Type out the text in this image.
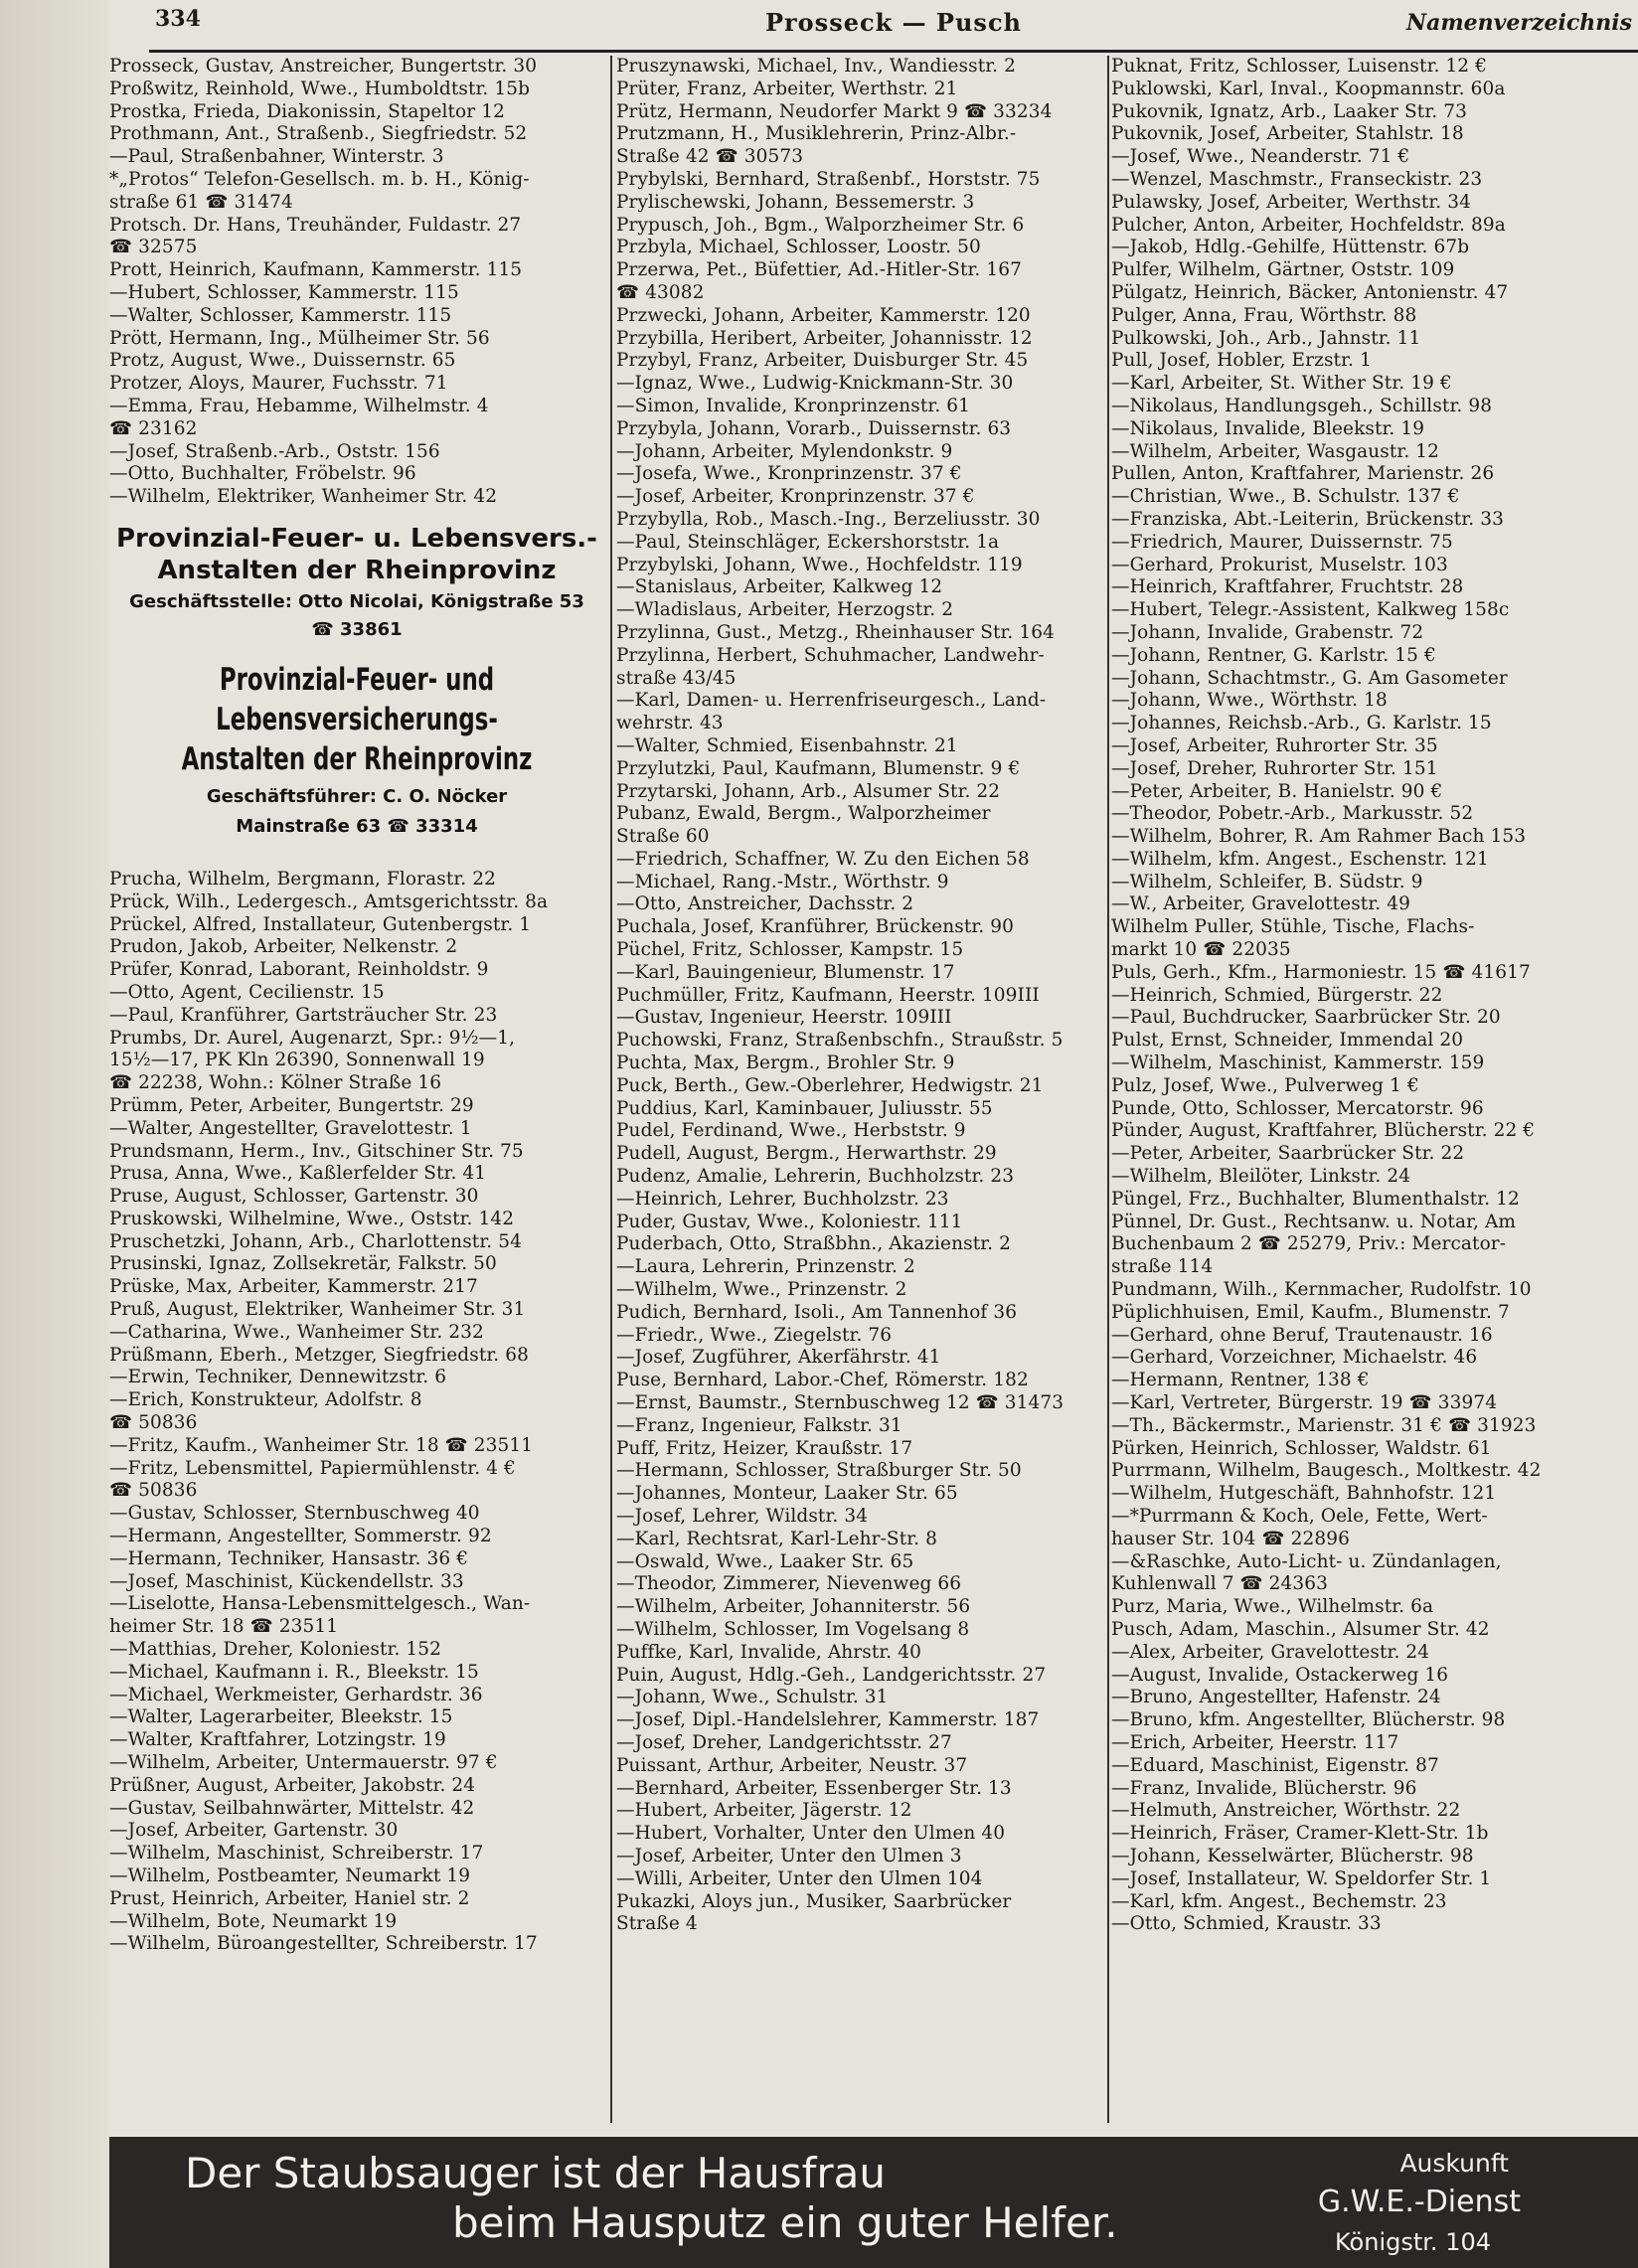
334	Prosseck — Pusch	Namenverzeichnis
Prosseck, Gustav, Anstreicher, Bungertstr. 30
Proßwitz, Reinhold, Wwe., Humboldtstr. 15b
Prostka, Frieda, Diakonissin, Stapeltor 12
Prothmann, Ant., Straßenb., Siegfriedstr. 52
—Paul, Straßenbahner, Winterstr. 3
*„Protos“ Telefon-Gesellsch. m. b. H., König-
straße 61 ☎ 31474
Protsch. Dr. Hans, Treuhänder, Fuldastr. 27
☎ 32575
Prott, Heinrich, Kaufmann, Kammerstr. 115
—Hubert, Schlosser, Kammerstr. 115
—Walter, Schlosser, Kammerstr. 115
Prött, Hermann, Ing., Mülheimer Str. 56
Protz, August, Wwe., Duissernstr. 65
Protzer, Aloys, Maurer, Fuchsstr. 71
—Emma, Frau, Hebamme, Wilhelmstr. 4
☎ 23162
—Josef, Straßenb.-Arb., Oststr. 156
—Otto, Buchhalter, Fröbelstr. 96
—Wilhelm, Elektriker, Wanheimer Str. 42
Provinzial-Feuer- u. Lebensvers.-
Anstalten der Rheinprovinz
Geschäftsstelle: Otto Nicolai, Königstraße 53
☎ 33861
Provinzial-Feuer- und Lebensversicherungs-
Anstalten der Rheinprovinz
Geschäftsführer: C. O. Nöcker
Mainstraße 63 ☎ 33314
Prucha, Wilhelm, Bergmann, Florastr. 22
Prück, Wilh., Ledergesch., Amtsgerichtsstr. 8a
Prückel, Alfred, Installateur, Gutenbergstr. 1
Prudon, Jakob, Arbeiter, Nelkenstr. 2
Prüfer, Konrad, Laborant, Reinholdstr. 9
—Otto, Agent, Cecilienstr. 15
—Paul, Kranführer, Gartsträucher Str. 23
Prumbs, Dr. Aurel, Augenarzt, Spr.: 9½—1,
15½—17, PK Kln 26390, Sonnenwall 19
☎ 22238, Wohn.: Kölner Straße 16
Prümm, Peter, Arbeiter, Bungertstr. 29
—Walter, Angestellter, Gravelottestr. 1
Prundsmann, Herm., Inv., Gitschiner Str. 75
Prusa, Anna, Wwe., Kaßlerfelder Str. 41
Pruse, August, Schlosser, Gartenstr. 30
Pruskowski, Wilhelmine, Wwe., Oststr. 142
Pruschetzki, Johann, Arb., Charlottenstr. 54
Prusinski, Ignaz, Zollsekretär, Falkstr. 50
Prüske, Max, Arbeiter, Kammerstr. 217
Pruß, August, Elektriker, Wanheimer Str. 31
—Catharina, Wwe., Wanheimer Str. 232
Prüßmann, Eberh., Metzger, Siegfriedstr. 68
—Erwin, Techniker, Dennewitzstr. 6
—Erich, Konstrukteur, Adolfstr. 8
☎ 50836
—Fritz, Kaufm., Wanheimer Str. 18 ☎ 23511
—Fritz, Lebensmittel, Papiermühlenstr. 4 €
☎ 50836
—Gustav, Schlosser, Sternbuschweg 40
—Hermann, Angestellter, Sommerstr. 92
—Hermann, Techniker, Hansastr. 36 €
—Josef, Maschinist, Kückendellstr. 33
—Liselotte, Hansa-Lebensmittelgesch., Wan-
heimer Str. 18 ☎ 23511
—Matthias, Dreher, Koloniestr. 152
—Michael, Kaufmann i. R., Bleekstr. 15
—Michael, Werkmeister, Gerhardstr. 36
—Walter, Lagerarbeiter, Bleekstr. 15
—Walter, Kraftfahrer, Lotzingstr. 19
—Wilhelm, Arbeiter, Untermauerstr. 97 €
Prüßner, August, Arbeiter, Jakobstr. 24
—Gustav, Seilbahnwärter, Mittelstr. 42
—Josef, Arbeiter, Gartenstr. 30
—Wilhelm, Maschinist, Schreiberstr. 17
—Wilhelm, Postbeamter, Neumarkt 19
Prust, Heinrich, Arbeiter, Haniel str. 2
—Wilhelm, Bote, Neumarkt 19
—Wilhelm, Büroangestellter, Schreiberstr. 17
Pruszynawski, Michael, Inv., Wandiesstr. 2
Prüter, Franz, Arbeiter, Werthstr. 21
Prütz, Hermann, Neudorfer Markt 9 ☎ 33234
Prutzmann, H., Musiklehrerin, Prinz-Albr.-
Straße 42 ☎ 30573
Prybylski, Bernhard, Straßenbf., Horststr. 75
Prylischewski, Johann, Bessemerstr. 3
Prypusch, Joh., Bgm., Walporzheimer Str. 6
Przbyla, Michael, Schlosser, Loostr. 50
Przerwa, Pet., Büfettier, Ad.-Hitler-Str. 167
☎ 43082
Przwecki, Johann, Arbeiter, Kammerstr. 120
Przybilla, Heribert, Arbeiter, Johannisstr. 12
Przybyl, Franz, Arbeiter, Duisburger Str. 45
—Ignaz, Wwe., Ludwig-Knickmann-Str. 30
—Simon, Invalide, Kronprinzenstr. 61
Przybyla, Johann, Vorarb., Duissernstr. 63
—Johann, Arbeiter, Mylendonkstr. 9
—Josefa, Wwe., Kronprinzenstr. 37 €
—Josef, Arbeiter, Kronprinzenstr. 37 €
Przybylla, Rob., Masch.-Ing., Berzeliusstr. 30
—Paul, Steinschläger, Eckershorststr. 1a
Przybylski, Johann, Wwe., Hochfeldstr. 119
—Stanislaus, Arbeiter, Kalkweg 12
—Wladislaus, Arbeiter, Herzogstr. 2
Przylinna, Gust., Metzg., Rheinhauser Str. 164
Przylinna, Herbert, Schuhmacher, Landwehr-
straße 43/45
—Karl, Damen- u. Herrenfriseurgesch., Land-
wehrstr. 43
—Walter, Schmied, Eisenbahnstr. 21
Przylutzki, Paul, Kaufmann, Blumenstr. 9 €
Przytarski, Johann, Arb., Alsumer Str. 22
Pubanz, Ewald, Bergm., Walporzheimer
Straße 60
—Friedrich, Schaffner, W. Zu den Eichen 58
—Michael, Rang.-Mstr., Wörthstr. 9
—Otto, Anstreicher, Dachsstr. 2
Puchala, Josef, Kranführer, Brückenstr. 90
Püchel, Fritz, Schlosser, Kampstr. 15
—Karl, Bauingenieur, Blumenstr. 17
Puchmüller, Fritz, Kaufmann, Heerstr. 109III
—Gustav, Ingenieur, Heerstr. 109III
Puchowski, Franz, Straßenbschfn., Straußstr. 5
Puchta, Max, Bergm., Brohler Str. 9
Puck, Berth., Gew.-Oberlehrer, Hedwigstr. 21
Puddius, Karl, Kaminbauer, Juliusstr. 55
Pudel, Ferdinand, Wwe., Herbststr. 9
Pudell, August, Bergm., Herwarthstr. 29
Pudenz, Amalie, Lehrerin, Buchholzstr. 23
—Heinrich, Lehrer, Buchholzstr. 23
Puder, Gustav, Wwe., Koloniestr. 111
Puderbach, Otto, Straßbhn., Akazienstr. 2
—Laura, Lehrerin, Prinzenstr. 2
—Wilhelm, Wwe., Prinzenstr. 2
Pudich, Bernhard, Isoli., Am Tannenhof 36
—Friedr., Wwe., Ziegelstr. 76
—Josef, Zugführer, Akerfährstr. 41
Puse, Bernhard, Labor.-Chef, Römerstr. 182
—Ernst, Baumstr., Sternbuschweg 12 ☎ 31473
—Franz, Ingenieur, Falkstr. 31
Puff, Fritz, Heizer, Kraußstr. 17
—Hermann, Schlosser, Straßburger Str. 50
—Johannes, Monteur, Laaker Str. 65
—Josef, Lehrer, Wildstr. 34
—Karl, Rechtsrat, Karl-Lehr-Str. 8
—Oswald, Wwe., Laaker Str. 65
—Theodor, Zimmerer, Nievenweg 66
—Wilhelm, Arbeiter, Johanniterstr. 56
—Wilhelm, Schlosser, Im Vogelsang 8
Puffke, Karl, Invalide, Ahrstr. 40
Puin, August, Hdlg.-Geh., Landgerichtsstr. 27
—Johann, Wwe., Schulstr. 31
—Josef, Dipl.-Handelslehrer, Kammerstr. 187
—Josef, Dreher, Landgerichtsstr. 27
Puissant, Arthur, Arbeiter, Neustr. 37
—Bernhard, Arbeiter, Essenberger Str. 13
—Hubert, Arbeiter, Jägerstr. 12
—Hubert, Vorhalter, Unter den Ulmen 40
—Josef, Arbeiter, Unter den Ulmen 3
—Willi, Arbeiter, Unter den Ulmen 104
Pukazki, Aloys jun., Musiker, Saarbrücker
Straße 4
Puknat, Fritz, Schlosser, Luisenstr. 12 €
Puklowski, Karl, Inval., Koopmannstr. 60a
Pukovnik, Ignatz, Arb., Laaker Str. 73
Pukovnik, Josef, Arbeiter, Stahlstr. 18
—Josef, Wwe., Neanderstr. 71 €
—Wenzel, Maschmstr., Franseckistr. 23
Pulawsky, Josef, Arbeiter, Werthstr. 34
Pulcher, Anton, Arbeiter, Hochfeldstr. 89a
—Jakob, Hdlg.-Gehilfe, Hüttenstr. 67b
Pulfer, Wilhelm, Gärtner, Oststr. 109
Pülgatz, Heinrich, Bäcker, Antonienstr. 47
Pulger, Anna, Frau, Wörthstr. 88
Pulkowski, Joh., Arb., Jahnstr. 11
Pull, Josef, Hobler, Erzstr. 1
—Karl, Arbeiter, St. Wither Str. 19 €
—Nikolaus, Handlungsgeh., Schillstr. 98
—Nikolaus, Invalide, Bleekstr. 19
—Wilhelm, Arbeiter, Wasgaustr. 12
Pullen, Anton, Kraftfahrer, Marienstr. 26
—Christian, Wwe., B. Schulstr. 137 €
—Franziska, Abt.-Leiterin, Brückenstr. 33
—Friedrich, Maurer, Duissernstr. 75
—Gerhard, Prokurist, Muselstr. 103
—Heinrich, Kraftfahrer, Fruchtstr. 28
—Hubert, Telegr.-Assistent, Kalkweg 158c
—Johann, Invalide, Grabenstr. 72
—Johann, Rentner, G. Karlstr. 15 €
—Johann, Schachtmstr., G. Am Gasometer
—Johann, Wwe., Wörthstr. 18
—Johannes, Reichsb.-Arb., G. Karlstr. 15
—Josef, Arbeiter, Ruhrorter Str. 35
—Josef, Dreher, Ruhrorter Str. 151
—Peter, Arbeiter, B. Hanielstr. 90 €
—Theodor, Pobetr.-Arb., Markusstr. 52
—Wilhelm, Bohrer, R. Am Rahmer Bach 153
—Wilhelm, kfm. Angest., Eschenstr. 121
—Wilhelm, Schleifer, B. Südstr. 9
—W., Arbeiter, Gravelottestr. 49
Wilhelm Puller, Stühle, Tische, Flachs-
markt 10 ☎ 22035
Puls, Gerh., Kfm., Harmoniestr. 15 ☎ 41617
—Heinrich, Schmied, Bürgerstr. 22
—Paul, Buchdrucker, Saarbrücker Str. 20
Pulst, Ernst, Schneider, Immendal 20
—Wilhelm, Maschinist, Kammerstr. 159
Pulz, Josef, Wwe., Pulverweg 1 €
Punde, Otto, Schlosser, Mercatorstr. 96
Pünder, August, Kraftfahrer, Blücherstr. 22 €
—Peter, Arbeiter, Saarbrücker Str. 22
—Wilhelm, Bleilöter, Linkstr. 24
Püngel, Frz., Buchhalter, Blumenthalstr. 12
Pünnel, Dr. Gust., Rechtsanw. u. Notar, Am
Buchenbaum 2 ☎ 25279, Priv.: Mercator-
straße 114
Pundmann, Wilh., Kernmacher, Rudolfstr. 10
Püplichhuisen, Emil, Kaufm., Blumenstr. 7
—Gerhard, ohne Beruf, Trautenaustr. 16
—Gerhard, Vorzeichner, Michaelstr. 46
—Hermann, Rentner, 138 €
—Karl, Vertreter, Bürgerstr. 19 ☎ 33974
—Th., Bäckermstr., Marienstr. 31 € ☎ 31923
Pürken, Heinrich, Schlosser, Waldstr. 61
Purrmann, Wilhelm, Baugesch., Moltkestr. 42
—Wilhelm, Hutgeschäft, Bahnhofstr. 121
—*Purrmann & Koch, Oele, Fette, Wert-
hauser Str. 104 ☎ 22896
—&Raschke, Auto-Licht- u. Zündanlagen,
Kuhlenwall 7 ☎ 24363
Purz, Maria, Wwe., Wilhelmstr. 6a
Pusch, Adam, Maschin., Alsumer Str. 42
—Alex, Arbeiter, Gravelottestr. 24
—August, Invalide, Ostackerweg 16
—Bruno, Angestellter, Hafenstr. 24
—Bruno, kfm. Angestellter, Blücherstr. 98
—Erich, Arbeiter, Heerstr. 117
—Eduard, Maschinist, Eigenstr. 87
—Franz, Invalide, Blücherstr. 96
—Helmuth, Anstreicher, Wörthstr. 22
—Heinrich, Fräser, Cramer-Klett-Str. 1b
—Johann, Kesselwärter, Blücherstr. 98
—Josef, Installateur, W. Speldorfer Str. 1
—Karl, kfm. Angest., Bechemstr. 23
—Otto, Schmied, Kraustr. 33
Der Staubsauger ist der Hausfrau
beim Hausputz ein guter Helfer.
Auskunft
G.W.E.-Dienst
Königstr. 104
